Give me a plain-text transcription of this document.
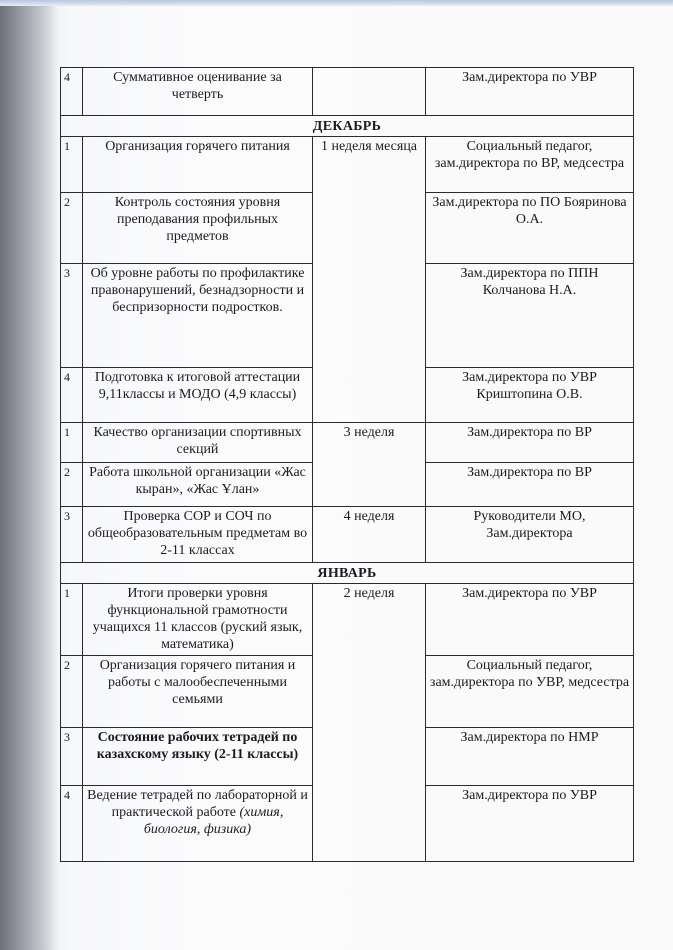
4	Суммативное оценивание за четверть		Зам.директора по УВР
ДЕКАБРЬ			
1	Организация горячего питания	1 неделя месяца	Социальный педагог, зам.директора по ВР, медсестра
2	Контроль состояния уровня преподавания профильных предметов		Зам.директора по ПО Бояринова О.А.
3	Об уровне работы по профилактике правонарушений, безнадзорности и беспризорности подростков.		Зам.директора по ППН Колчанова Н.А.
4	Подготовка к итоговой аттестации 9,11классы и МОДО (4,9 классы)		Зам.директора по УВР Криштопина О.В.
1	Качество организации спортивных секций	3 неделя	Зам.директора по ВР
2	Работа школьной организации «Жас кыран», «Жас Ұлан»		Зам.директора по ВР
3	Проверка СОР и СОЧ по общеобразовательным предметам во 2-11 классах	4 неделя	Руководители МО, Зам.директора
ЯНВАРЬ			
1	Итоги проверки уровня функциональной грамотности учащихся 11 классов (руский язык, математика)	2 неделя	Зам.директора по УВР
2	Организация горячего питания и работы с малообеспеченными семьями		Социальный педагог, зам.директора по УВР, медсестра
3	Состояние рабочих тетрадей по казахскому языку (2-11 классы)		Зам.директора по НМР
4	Ведение тетрадей по лабораторной и практической работе (химия, биология, физика)		Зам.директора по УВР
